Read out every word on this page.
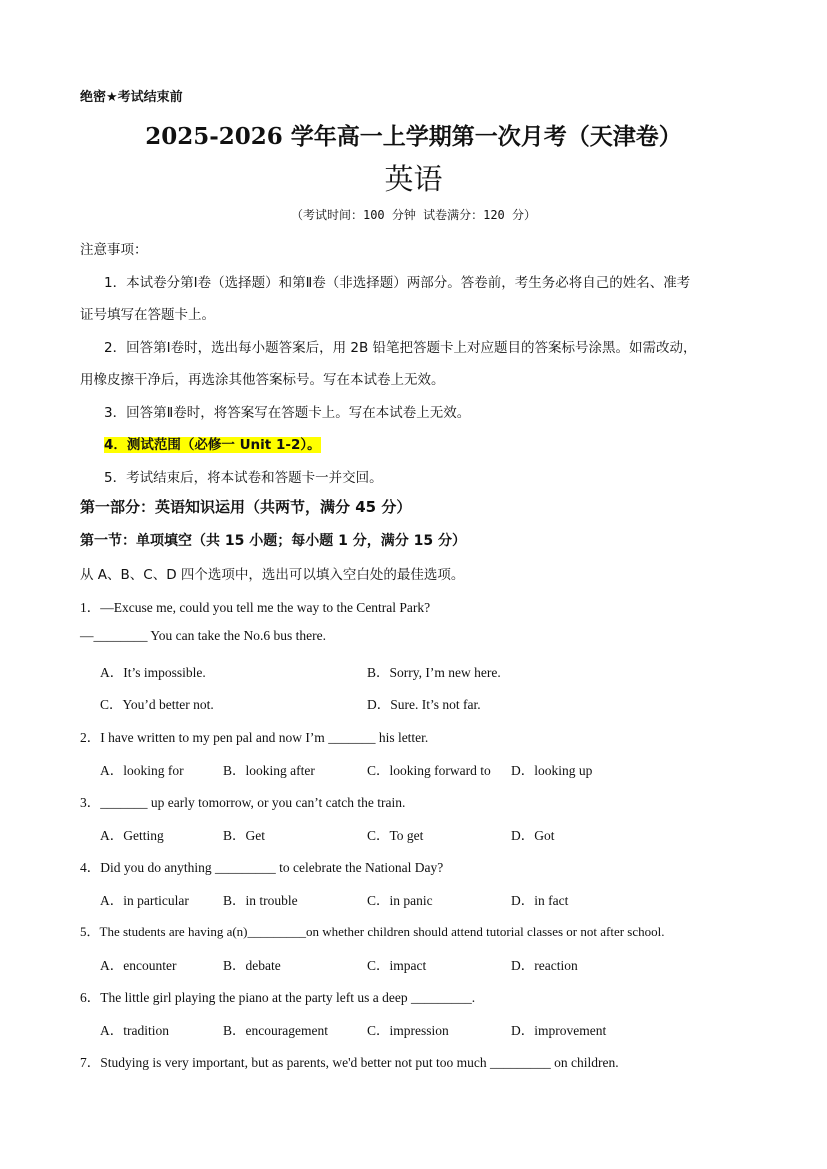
绝密★考试结束前
2025-2026 学年高一上学期第一次月考（天津卷）
英语
（考试时间：100 分钟 试卷满分：120 分）
注意事项：
1．本试卷分第Ⅰ卷（选择题）和第Ⅱ卷（非选择题）两部分。答卷前，考生务必将自己的姓名、准考
证号填写在答题卡上。
2．回答第Ⅰ卷时，选出每小题答案后，用 2B 铅笔把答题卡上对应题目的答案标号涂黑。如需改动，
用橡皮擦干净后，再选涂其他答案标号。写在本试卷上无效。
3．回答第Ⅱ卷时，将答案写在答题卡上。写在本试卷上无效。
4．测试范围（必修一 Unit 1-2）。
5．考试结束后，将本试卷和答题卡一并交回。
第一部分：英语知识运用（共两节，满分 45 分）
第一节：单项填空（共 15 小题；每小题 1 分，满分 15 分）
从 A、B、C、D 四个选项中，选出可以填入空白处的最佳选项。
1．—Excuse me, could you tell me the way to the Central Park?
—________ You can take the No.6 bus there.
A．It’s impossible.	B．Sorry, I’m new here.
C．You’d better not.	D．Sure. It’s not far.
2．I have written to my pen pal and now I’m _______ his letter.
A．looking for	B．looking after	C．looking forward to D．looking up
3．_______ up early tomorrow, or you can’t catch the train.
A．Getting	B．Get	C．To get	D．Got
4．Did you do anything _________ to celebrate the National Day?
A．in particular	B．in trouble	C．in panic	D．in fact
5．The students are having a(n)_________on whether children should attend tutorial classes or not after school.
A．encounter	B．debate	C．impact	D．reaction
6．The little girl playing the piano at the party left us a deep _________.
A．tradition	B．encouragement	C．impression	D．improvement
7．Studying is very important, but as parents, we'd better not put too much _________ on children.
